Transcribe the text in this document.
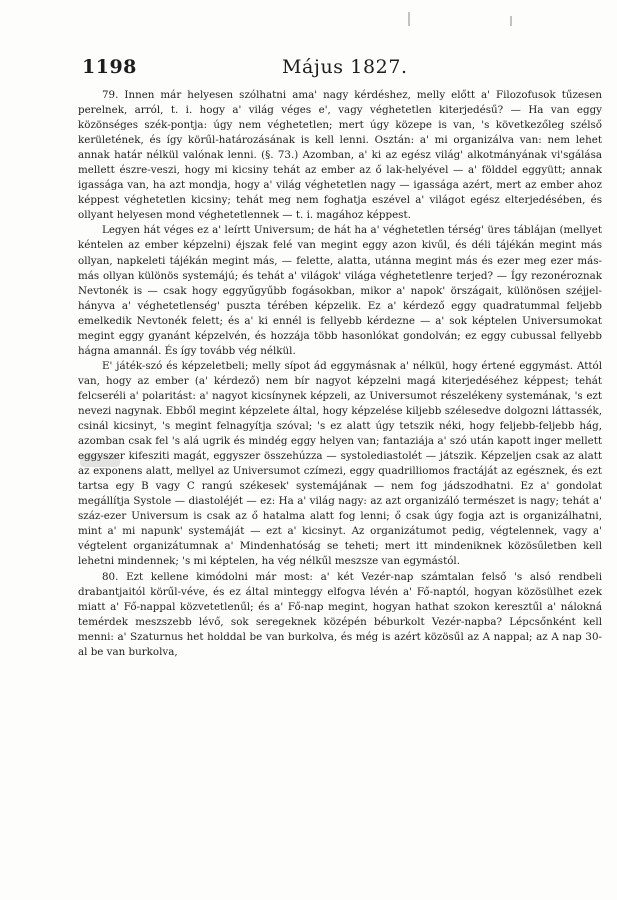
1198	Május 1827.

79. Innen már helyesen szólhatni ama' nagy kérdéshez, melly előtt a' Filozofusok tűzesen perelnek, arról, t. i. hogy a' világ véges e', vagy véghetetlen kiterjedésű? — Ha van eggy közönséges szék-pontja: úgy nem véghetetlen; mert úgy közepe is van, 's következőleg szélső kerületének, és így körűl-határozásának is kell lenni. Osztán: a' mi organizálva van: nem lehet annak határ nélkül valónak lenni. (§. 73.) Azomban, a' ki az egész világ' alkotmányának vi'sgálása mellett észre-veszi, hogy mi kicsiny tehát az ember az ő lak-helyével — a' földdel eggyütt; annak igassága van, ha azt mondja, hogy a' világ véghetetlen nagy — igassága azért, mert az ember ahoz képpest véghetetlen kicsiny; tehát meg nem foghatja eszével a' világot egész elterjedésében, és ollyant helyesen mond véghetetlennek — t. i. magához képpest.

Legyen hát véges ez a' leírtt Universum; de hát ha a' véghetetlen térség' üres táblájan (mellyet kéntelen az ember képzelni) éjszak felé van megint eggy azon kivűl, és déli tájékán megint más ollyan, napkeleti tájékán megint más, — felette, alatta, utánna megint más és ezer meg ezer más-más ollyan különös systemájú; és tehát a' világok' világa véghetetlenre terjed? — Így rezonéroznak Nevtonék is — csak hogy eggyűgyűbb fogásokban, mikor a' napok' örszágait, különösen széjjel-hányva a' véghetetlenség' puszta térében képzelik. Ez a' kérdező eggy quadratummal feljebb emelkedik Nevtonék felett; és a' ki ennél is fellyebb kérdezne — a' sok képtelen Universumokat megint eggy gyanánt képzelvén, és hozzája több hasonlókat gondolván; ez eggy cubussal fellyebb hágna amannál. És így tovább vég nélkül.

E' játék-szó és képzeletbeli; melly sípot ád eggymásnak a' nélkül, hogy értené eggymást. Attól van, hogy az ember (a' kérdező) nem bír nagyot képzelni magá kiterjedéséhez képpest; tehát felcseréli a' polaritást: a' nagyot kicsínynek képzeli, az Universumot részelékeny systemának, 's ezt nevezi nagynak. Ebből megint képzelete által, hogy képzelése kiljebb szélesedve dolgozni láttassék, csinál kicsinyt, 's megint felnagyítja szóval; 's ez alatt úgy tetszik néki, hogy feljebb-feljebb hág, azomban csak fel 's alá ugrik és mindég eggy helyen van; fantaziája a' szó után kapott inger mellett eggyszer kifesziti magát, eggyszer összehúzza — systolediastolét — játszik. Képzeljen csak az alatt az exponens alatt, mellyel az Universumot czímezi, eggy quadrilliomos fractáját az egésznek, és ezt tartsa egy B vagy C rangú székesek' systemájának — nem fog jádszodhatni. Ez a' gondolat megállítja Systole — diastoléjét — ez: Ha a' világ nagy: az azt organizáló természet is nagy; tehát a' száz-ezer Universum is csak az ő hatalma alatt fog lenni; ő csak úgy fogja azt is organizálhatni, mint a' mi napunk' systemáját — ezt a' kicsinyt. Az organizátumot pedig, végtelennek, vagy a' végtelent organizátumnak a' Mindenhatóság se teheti; mert itt mindeniknek közösűletben kell lehetni mindennek; 's mi képtelen, ha vég nélkűl meszsze van egymástól.

80. Ezt kellene kimódolni már most: a' két Vezér-nap számtalan felső 's alsó rendbeli drabantjaitól körűl-véve, és ez által minteggy elfogva lévén a' Fő-naptól, hogyan közösülhet ezek miatt a' Fő-nappal közvetetlenűl; és a' Fő-nap megint, hogyan hathat szokon keresztűl a' nálokná temérdek meszszebb lévő, sok seregeknek középén béburkolt Vezér-napba? Lépcsőnként kell menni: a' Szaturnus het holddal be van burkolva, és még is azért közösűl az A nappal; az A nap 30-al be van burkolva,
